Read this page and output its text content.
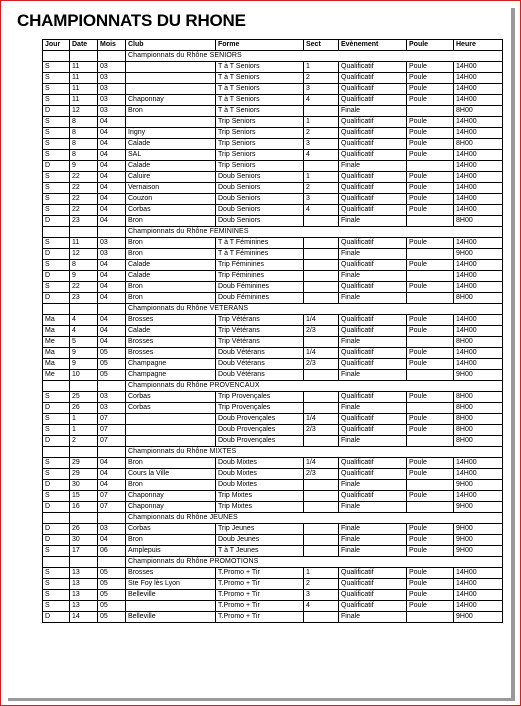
CHAMPIONNATS DU RHONE
Jour	Date	Mois	Club	Forme	Sect	Evènement	Poule	Heure
			Championnats du Rhône SENIORS					
S	11	03		T à T Seniors	1	Qualificatif	Poule	14H00
S	11	03		T à T Seniors	2	Qualificatif	Poule	14H00
S	11	03		T à T Seniors	3	Qualificatif	Poule	14H00
S	11	03	Chaponnay	T à T Seniors	4	Qualificatif	Poule	14H00
D	12	03	Bron	T à T Seniors		Finale		8H00
S	8	04		Trip Seniors	1	Qualificatif	Poule	14H00
S	8	04	Irigny	Trip Seniors	2	Qualificatif	Poule	14H00
S	8	04	Calade	Trip Seniors	3	Qualificatif	Poule	8H00
S	8	04	SAL	Trip Seniors	4	Qualificatif	Poule	14H00
D	9	04	Calade	Trip Seniors		Finale		14H00
S	22	04	Caluire	Doub Seniors	1	Qualificatif	Poule	14H00
S	22	04	Vernaison	Doub Seniors	2	Qualificatif	Poule	14H00
S	22	04	Couzon	Doub Seniors	3	Qualificatif	Poule	14H00
S	22	04	Corbas	Doub Seniors	4	Qualificatif	Poule	14H00
D	23	04	Bron	Doub Seniors		Finale		8H00
			Championnats du Rhône FEMININES					
S	11	03	Bron	T à T Féminines		Qualificatif	Poule	14H00
D	12	03	Bron	T à T Féminines		Finale		9H00
S	8	04	Calade	Trip Féminines		Qualificatif	Poule	14H00
D	9	04	Calade	Trip Féminines		Finale		14H00
S	22	04	Bron	Doub Féminines		Qualificatif	Poule	14H00
D	23	04	Bron	Doub Féminines		Finale		8H00
			Championnats du Rhône VETERANS					
Ma	4	04	Brosses	Trip Vétérans	1/4	Qualificatif	Poule	14H00
Ma	4	04	Calade	Trip Vétérans	2/3	Qualificatif	Poule	14H00
Me	5	04	Brosses	Trip Vétérans		Finale		8H00
Ma	9	05	Brosses	Doub Vétérans	1/4	Qualificatif	Poule	14H00
Ma	9	05	Champagne	Doub Vétérans	2/3	Qualificatif	Poule	14H00
Me	10	05	Champagne	Doub Vétérans		Finale		9H00
			Championnats du Rhône PROVENCAUX					
S	25	03	Corbas	Trip Provençales		Qualificatif	Poule	8H00
D	26	03	Corbas	Trip Provençales		Finale		8H00
S	1	07		Doub Provençales	1/4	Qualificatif	Poule	8H00
S	1	07		Doub Provençales	2/3	Qualificatif	Poule	8H00
D	2	07		Doub Provençales		Finale		8H00
			Championnats du Rhône MIXTES					
S	29	04	Bron	Doub Mixtes	1/4	Qualificatif	Poule	14H00
S	29	04	Cours la Ville	Doub Mixtes	2/3	Qualificatif	Poule	14H00
D	30	04	Bron	Doub Mixtes		Finale		9H00
S	15	07	Chaponnay	Trip Mixtes		Qualificatif	Poule	14H00
D	16	07	Chaponnay	Trip Mixtes		Finale		9H00
			Championnats du Rhône JEUNES					
D	26	03	Corbas	Trip Jeunes		Finale	Poule	9H00
D	30	04	Bron	Doub Jeunes		Finale	Poule	9H00
S	17	06	Amplepuis	T à T Jeunes		Finale	Poule	9H00
			Championnats du Rhône PROMOTIONS					
S	13	05	Brosses	T.Promo + Tir	1	Qualificatif	Poule	14H00
S	13	05	Ste Foy lès Lyon	T.Promo + Tir	2	Qualificatif	Poule	14H00
S	13	05	Belleville	T.Promo + Tir	3	Qualificatif	Poule	14H00
S	13	05		T.Promo + Tir	4	Qualificatif	Poule	14H00
D	14	05	Belleville	T.Promo + Tir		Finale		9H00
